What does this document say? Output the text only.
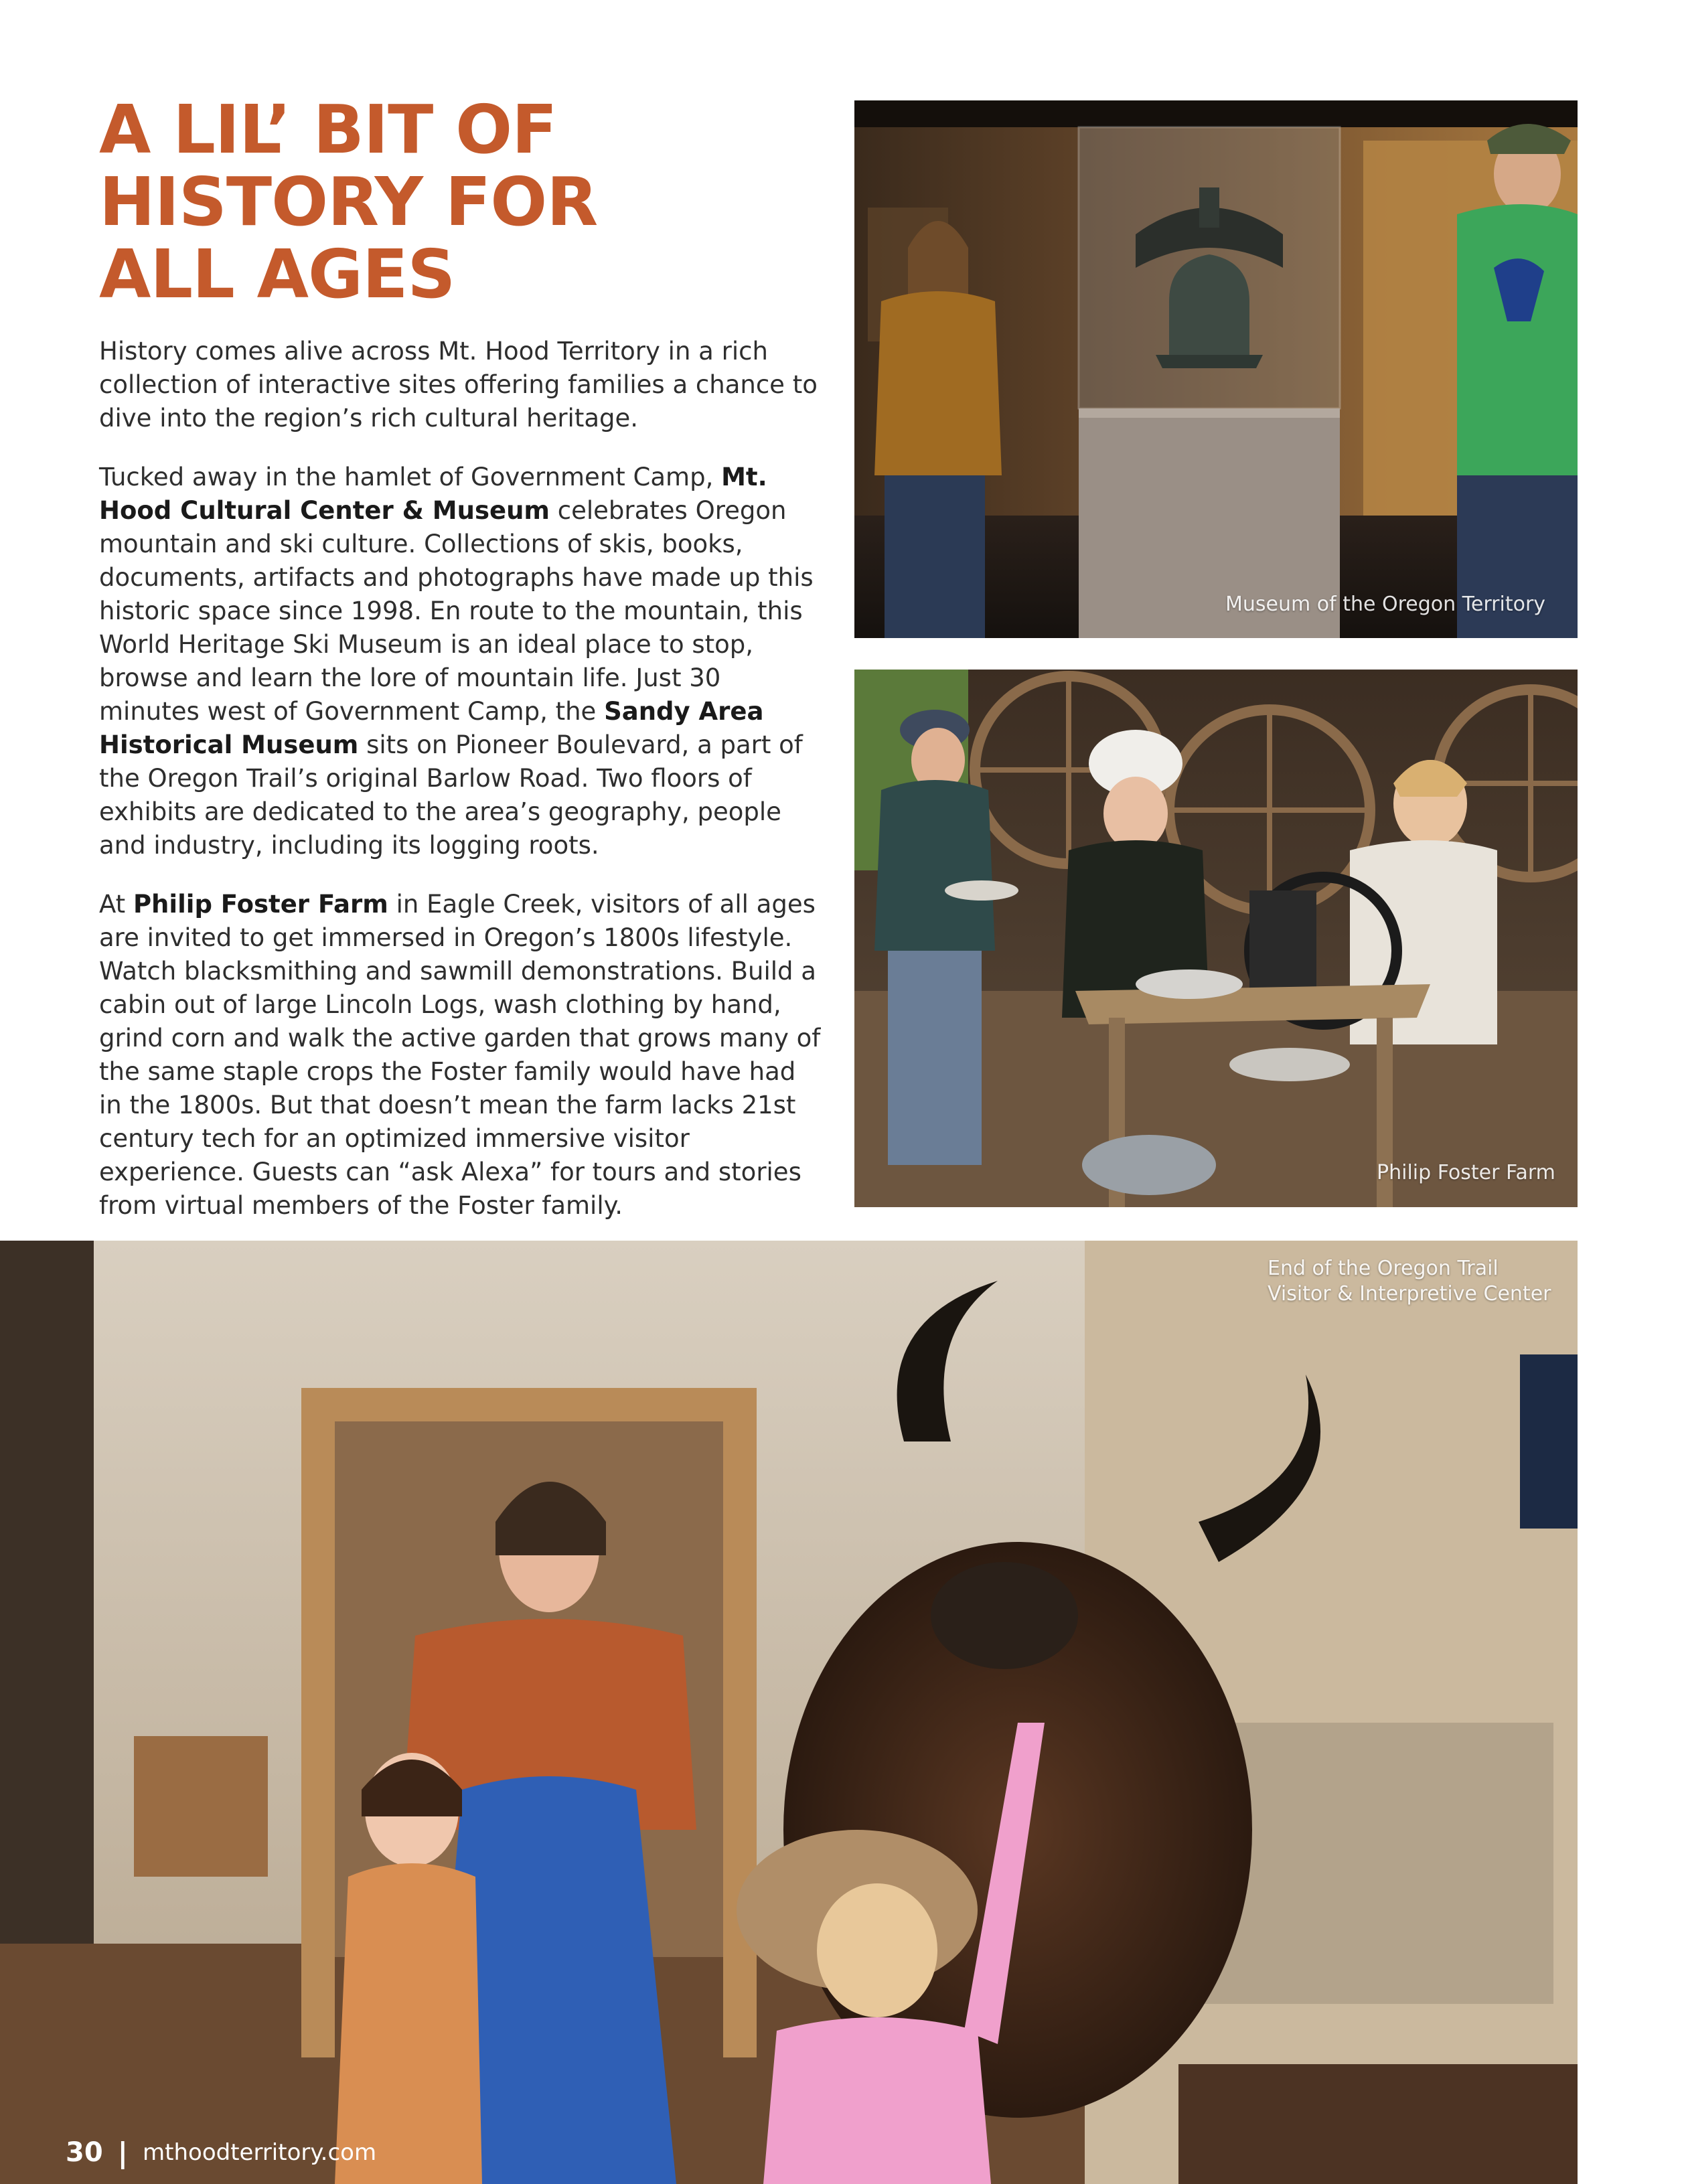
A LIL’ BIT OF
HISTORY FOR
ALL AGES

History comes alive across Mt. Hood Territory in a rich collection of interactive sites offering families a chance to dive into the region’s rich cultural heritage.

Tucked away in the hamlet of Government Camp, Mt. Hood Cultural Center & Museum celebrates Oregon mountain and ski culture. Collections of skis, books, documents, artifacts and photographs have made up this historic space since 1998. En route to the mountain, this World Heritage Ski Museum is an ideal place to stop, browse and learn the lore of mountain life. Just 30 minutes west of Government Camp, the Sandy Area Historical Museum sits on Pioneer Boulevard, a part of the Oregon Trail’s original Barlow Road. Two floors of exhibits are dedicated to the area’s geography, people and industry, including its logging roots.

At Philip Foster Farm in Eagle Creek, visitors of all ages are invited to get immersed in Oregon’s 1800s lifestyle. Watch blacksmithing and sawmill demonstrations. Build a cabin out of large Lincoln Logs, wash clothing by hand, grind corn and walk the active garden that grows many of the same staple crops the Foster family would have had in the 1800s. But that doesn’t mean the farm lacks 21st century tech for an optimized immersive visitor experience. Guests can “ask Alexa” for tours and stories from virtual members of the Foster family.

Museum of the Oregon Territory
Philip Foster Farm
End of the Oregon Trail
Visitor & Interpretive Center
30 | mthoodterritory.com
